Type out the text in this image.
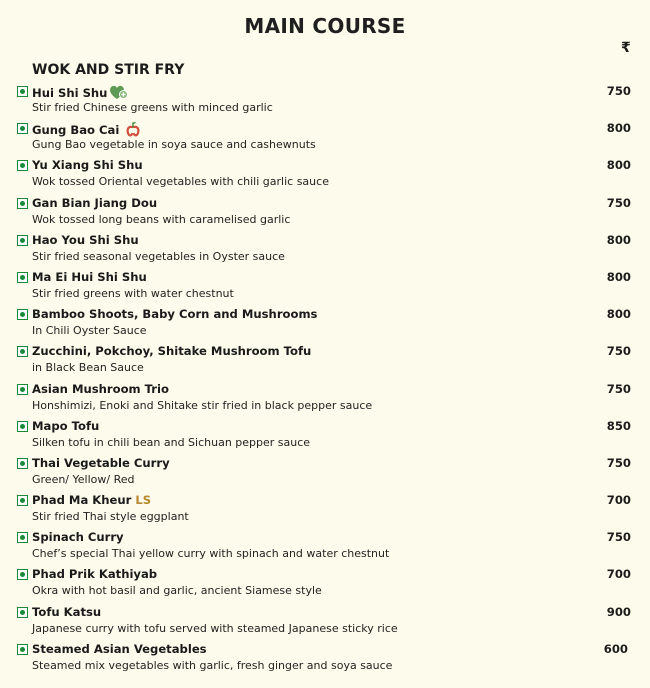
MAIN COURSE
₹
WOK AND STIR FRY
Hui Shi Shu
Stir fried Chinese greens with minced garlic
750
Gung Bao Cai
Gung Bao vegetable in soya sauce and cashewnuts
800
Yu Xiang Shi Shu
Wok tossed Oriental vegetables with chili garlic sauce
800
Gan Bian Jiang Dou
Wok tossed long beans with caramelised garlic
750
Hao You Shi Shu
Stir fried seasonal vegetables in Oyster sauce
800
Ma Ei Hui Shi Shu
Stir fried greens with water chestnut
800
Bamboo Shoots, Baby Corn and Mushrooms
In Chili Oyster Sauce
800
Zucchini, Pokchoy, Shitake Mushroom Tofu
in Black Bean Sauce
750
Asian Mushroom Trio
Honshimizi, Enoki and Shitake stir fried in black pepper sauce
750
Mapo Tofu
Silken tofu in chili bean and Sichuan pepper sauce
850
Thai Vegetable Curry
Green/ Yellow/ Red
750
Phad Ma Kheur LS
Stir fried Thai style eggplant
700
Spinach Curry
Chef’s special Thai yellow curry with spinach and water chestnut
750
Phad Prik Kathiyab
Okra with hot basil and garlic, ancient Siamese style
700
Tofu Katsu
Japanese curry with tofu served with steamed Japanese sticky rice
900
Steamed Asian Vegetables
Steamed mix vegetables with garlic, fresh ginger and soya sauce
600
